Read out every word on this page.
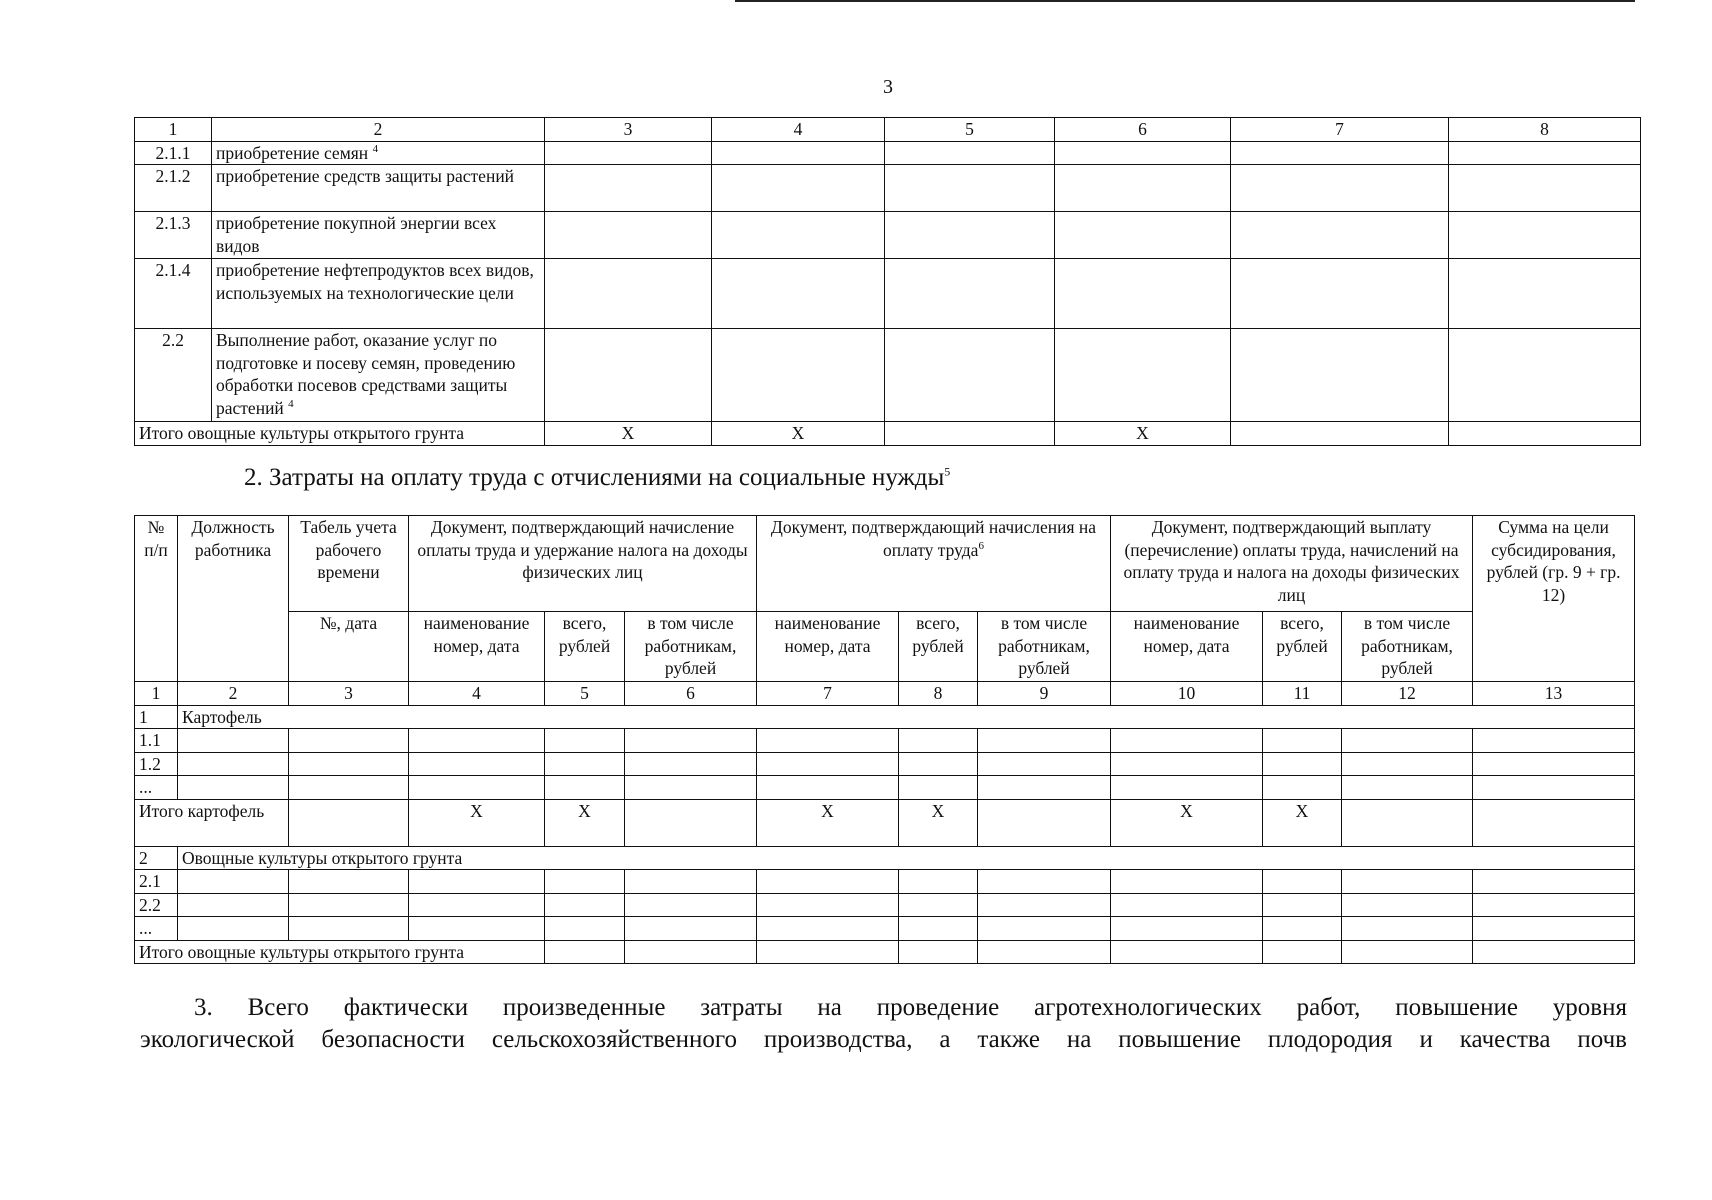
3
1	2	3	4	5	6	7	8
2.1.1	приобретение семян $^4$						
2.1.2	приобретение средств защиты растений						
2.1.3	приобретение покупной энергии всех видов						
2.1.4	приобретение нефтепродуктов всех видов, используемых на технологические цели						
2.2	Выполнение работ, оказание услуг по подготовке и посеву семян, проведению обработки посевов средствами защиты растений $^4$						
Итого овощные культуры открытого грунта		X	X		X		
2. Затраты на оплату труда с отчислениями на социальные нужды$^5$
№ п/п	Должность работника	Табель учета рабочего времени	Документ, подтверждающий начисление оплаты труда и удержание налога на доходы физических лиц			Документ, подтверждающий начисления на оплату труда$^6$			Документ, подтверждающий выплату (перечисление) оплаты труда, начислений на оплату труда и налога на доходы физических лиц			Сумма на цели субсидирования, рублей (гр. 9 + гр. 12)	
		№, дата	наименование номер, дата	всего, рублей	в том числе работникам, рублей	наименование номер, дата	всего, рублей	в том числе работникам, рублей	наименование номер, дата	всего, рублей	в том числе работникам, рублей		
1	2	3	4	5	6	7	8	9	10	11	12	13	
1	Картофель												
1.1													
1.2													
...													
Итого картофель			X	X		X	X		X	X			
2	Овощные культуры открытого грунта												
2.1													
2.2													
...													
Итого овощные культуры открытого грунта													
3. Всего фактически произведенные затраты на проведение агротехнологических работ, повышение уровня
экологической безопасности сельскохозяйственного производства, а также на повышение плодородия и качества почв
